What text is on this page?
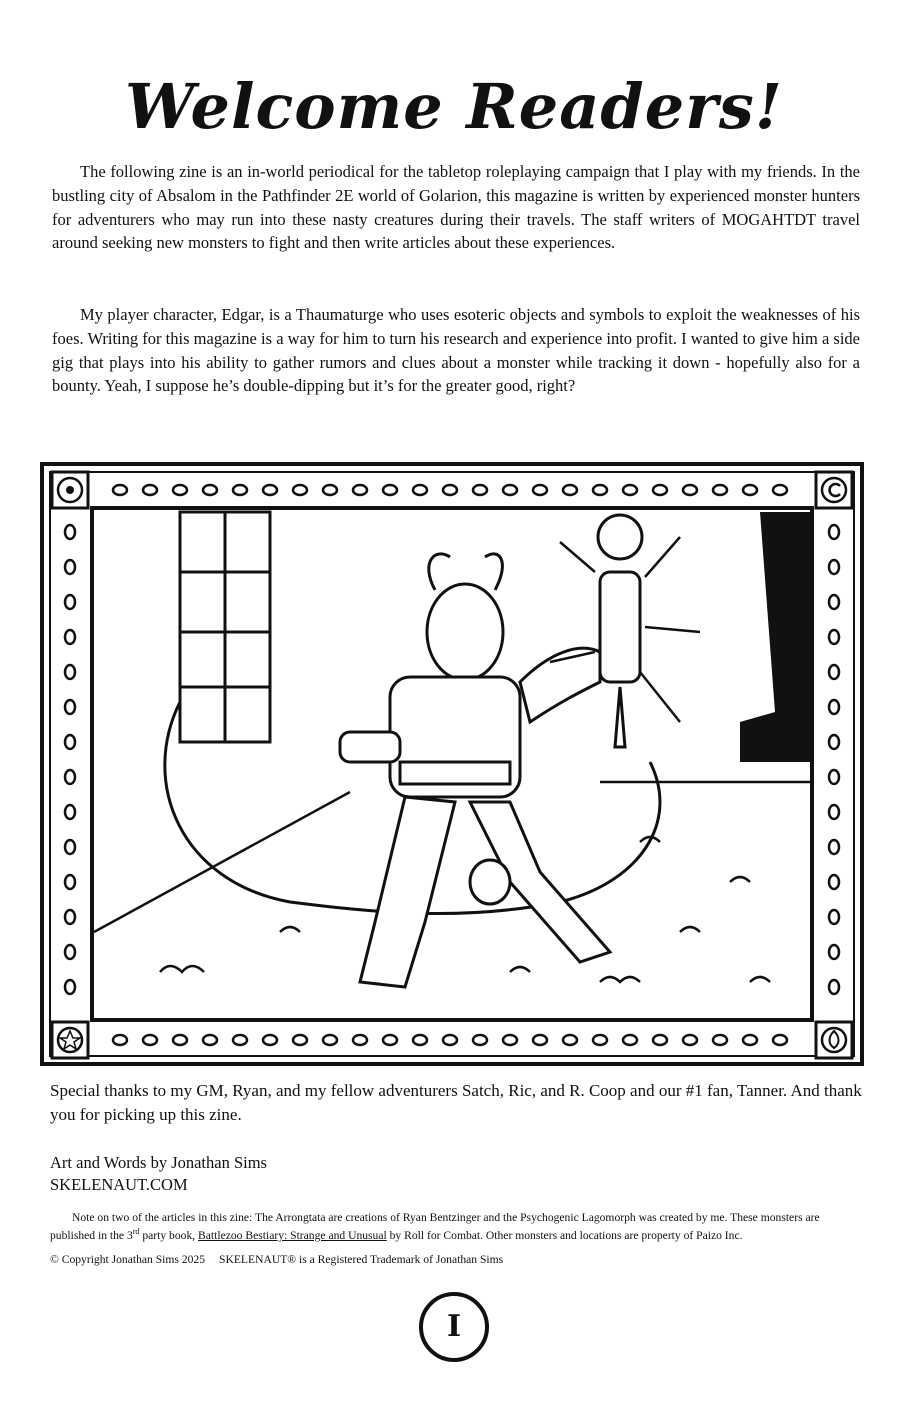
Welcome Readers!

The following zine is an in-world periodical for the tabletop roleplaying campaign that I play with my friends. In the bustling city of Absalom in the Pathfinder 2E world of Golarion, this magazine is written by experienced monster hunters for adventurers who may run into these nasty creatures during their travels. The staff writers of MOGAHTDT travel around seeking new monsters to fight and then write articles about these experiences.

My player character, Edgar, is a Thaumaturge who uses esoteric objects and symbols to exploit the weaknesses of his foes. Writing for this magazine is a way for him to turn his research and experience into profit. I wanted to give him a side gig that plays into his ability to gather rumors and clues about a monster while tracking it down - hopefully also for a bounty. Yeah, I suppose he’s double-dipping but it’s for the greater good, right?

Special thanks to my GM, Ryan, and my fellow adventurers Satch, Ric, and R. Coop and our #1 fan, Tanner. And thank you for picking up this zine.

Art and Words by Jonathan Sims
SKELENAUT.COM

Note on two of the articles in this zine: The Arrongtata are creations of Ryan Bentzinger and the Psychogenic Lagomorph was created by me. These monsters are published in the 3rd party book, Battlezoo Bestiary: Strange and Unusual by Roll for Combat. Other monsters and locations are property of Paizo Inc.

© Copyright Jonathan Sims 2025 SKELENAUT® is a Registered Trademark of Jonathan Sims
I
